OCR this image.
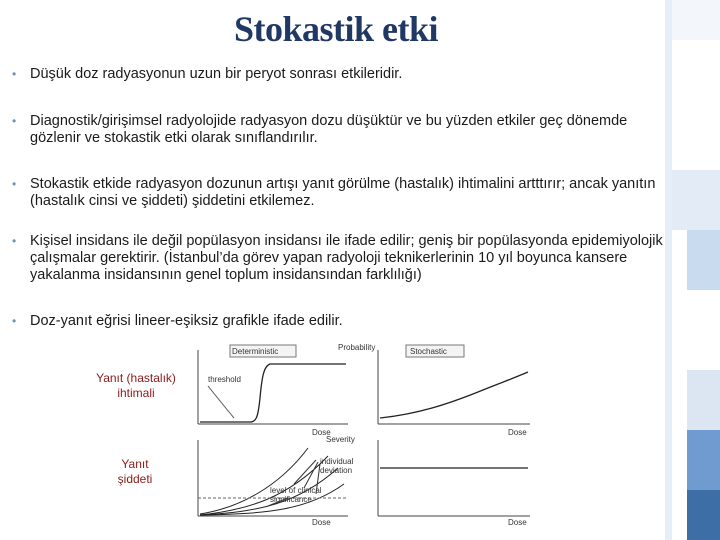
Stokastik etki
• Düşük doz radyasyonun uzun bir peryot sonrası etkileridir.
• Diagnostik/girişimsel radyolojide radyasyon dozu düşüktür ve bu yüzden etkiler geç dönemde gözlenir ve stokastik etki olarak sınıflandırılır.
• Stokastik etkide radyasyon dozunun artışı yanıt görülme (hastalık) ihtimalini artttırır; ancak yanıtın (hastalık cinsi ve şiddeti) şiddetini etkilemez.
• Kişisel insidans ile değil popülasyon insidansı ile ifade edilir; geniş bir popülasyonda epidemiyolojik çalışmalar gerektirir. (İstanbul’da görev yapan radyoloji teknikerlerinin 10 yıl boyunca kansere yakalanma insidansının genel toplum insidansından farklılığı)
• Doz-yanıt eğrisi lineer-eşiksiz grafikle ifade edilir.
Yanıt (hastalık)
ihtimali
Yanıt
şiddeti
Deterministic
threshold
Dose
Probability	Stochastic
Dose
Severity
individual
deviation
level of clinical
significance
Dose	Dose
